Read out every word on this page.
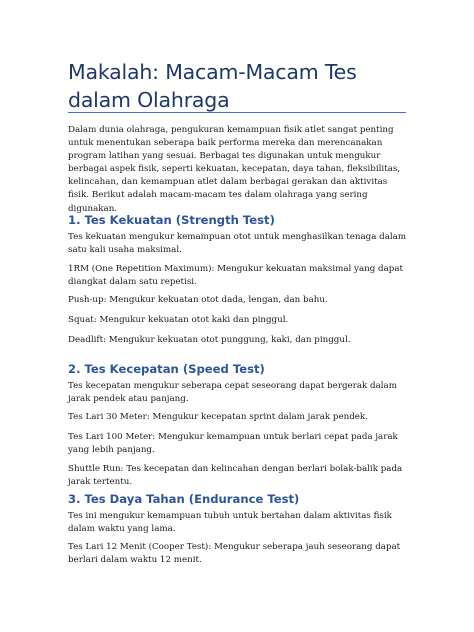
Makalah: Macam-Macam Tes dalam Olahraga

Dalam dunia olahraga, pengukuran kemampuan fisik atlet sangat penting untuk menentukan seberapa baik performa mereka dan merencanakan program latihan yang sesuai. Berbagai tes digunakan untuk mengukur berbagai aspek fisik, seperti kekuatan, kecepatan, daya tahan, fleksibilitas, kelincahan, dan kemampuan atlet dalam berbagai gerakan dan aktivitas fisik. Berikut adalah macam-macam tes dalam olahraga yang sering digunakan.

1. Tes Kekuatan (Strength Test)

Tes kekuatan mengukur kemampuan otot untuk menghasilkan tenaga dalam satu kali usaha maksimal.

1RM (One Repetition Maximum): Mengukur kekuatan maksimal yang dapat diangkat dalam satu repetisi.

Push-up: Mengukur kekuatan otot dada, lengan, dan bahu.

Squat: Mengukur kekuatan otot kaki dan pinggul.

Deadlift: Mengukur kekuatan otot punggung, kaki, dan pinggul.

2. Tes Kecepatan (Speed Test)

Tes kecepatan mengukur seberapa cepat seseorang dapat bergerak dalam jarak pendek atau panjang.

Tes Lari 30 Meter: Mengukur kecepatan sprint dalam jarak pendek.

Tes Lari 100 Meter: Mengukur kemampuan untuk berlari cepat pada jarak yang lebih panjang.

Shuttle Run: Tes kecepatan dan kelincahan dengan berlari bolak-balik pada jarak tertentu.

3. Tes Daya Tahan (Endurance Test)

Tes ini mengukur kemampuan tubuh untuk bertahan dalam aktivitas fisik dalam waktu yang lama.

Tes Lari 12 Menit (Cooper Test): Mengukur seberapa jauh seseorang dapat berlari dalam waktu 12 menit.
